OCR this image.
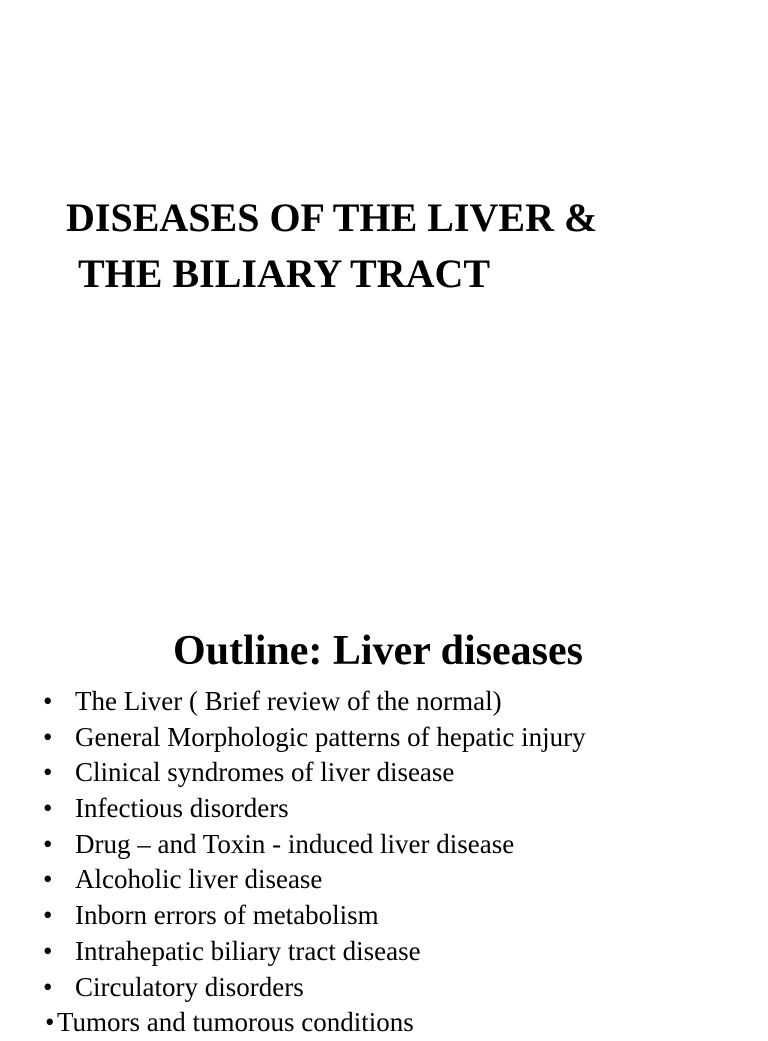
DISEASES OF THE LIVER &
THE BILIARY TRACT
Outline: Liver diseases
• The Liver ( Brief review of the normal)
• General Morphologic patterns of hepatic injury
• Clinical syndromes of liver disease
• Infectious disorders
• Drug – and Toxin - induced liver disease
• Alcoholic liver disease
• Inborn errors of metabolism
• Intrahepatic biliary tract disease
• Circulatory disorders
• Tumors and tumorous conditions
